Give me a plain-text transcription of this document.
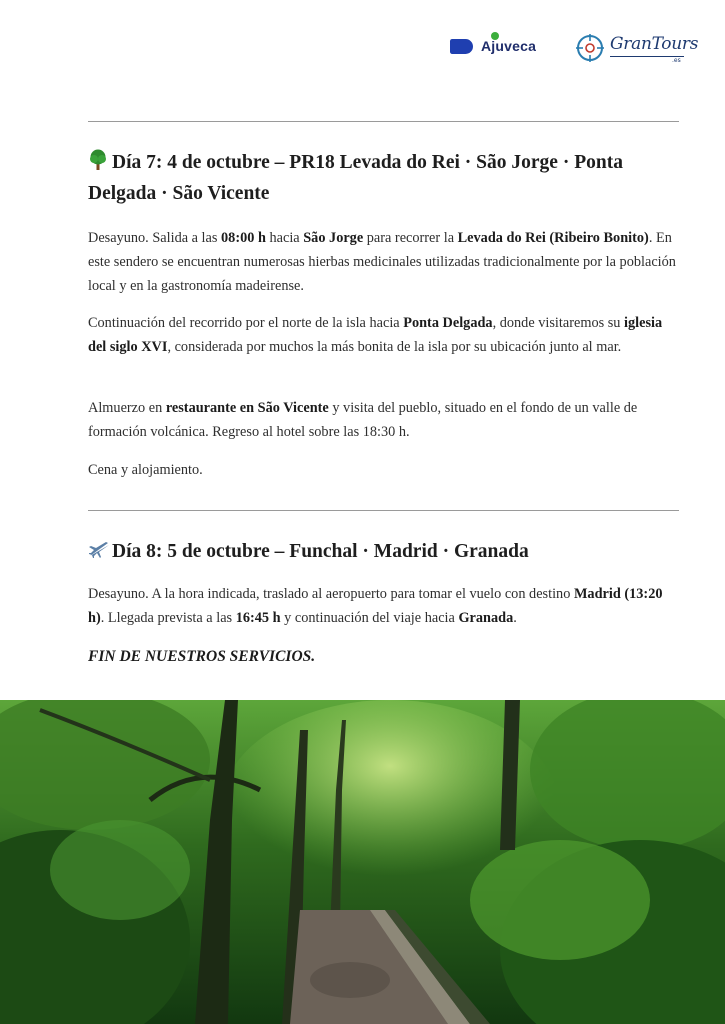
Ajuveca	GranTours
.es
Día 7: 4 de octubre – PR18 Levada do Rei · São Jorge · Ponta Delgada · São Vicente

Desayuno. Salida a las 08:00 h hacia São Jorge para recorrer la Levada do Rei (Ribeiro Bonito). En este sendero se encuentran numerosas hierbas medicinales utilizadas tradicionalmente por la población local y en la gastronomía madeirense.

Continuación del recorrido por el norte de la isla hacia Ponta Delgada, donde visitaremos su iglesia del siglo XVI, considerada por muchos la más bonita de la isla por su ubicación junto al mar.

Almuerzo en restaurante en São Vicente y visita del pueblo, situado en el fondo de un valle de formación volcánica. Regreso al hotel sobre las 18:30 h.

Cena y alojamiento.

Día 8: 5 de octubre – Funchal · Madrid · Granada

Desayuno. A la hora indicada, traslado al aeropuerto para tomar el vuelo con destino Madrid (13:20 h). Llegada prevista a las 16:45 h y continuación del viaje hacia Granada.

FIN DE NUESTROS SERVICIOS.
